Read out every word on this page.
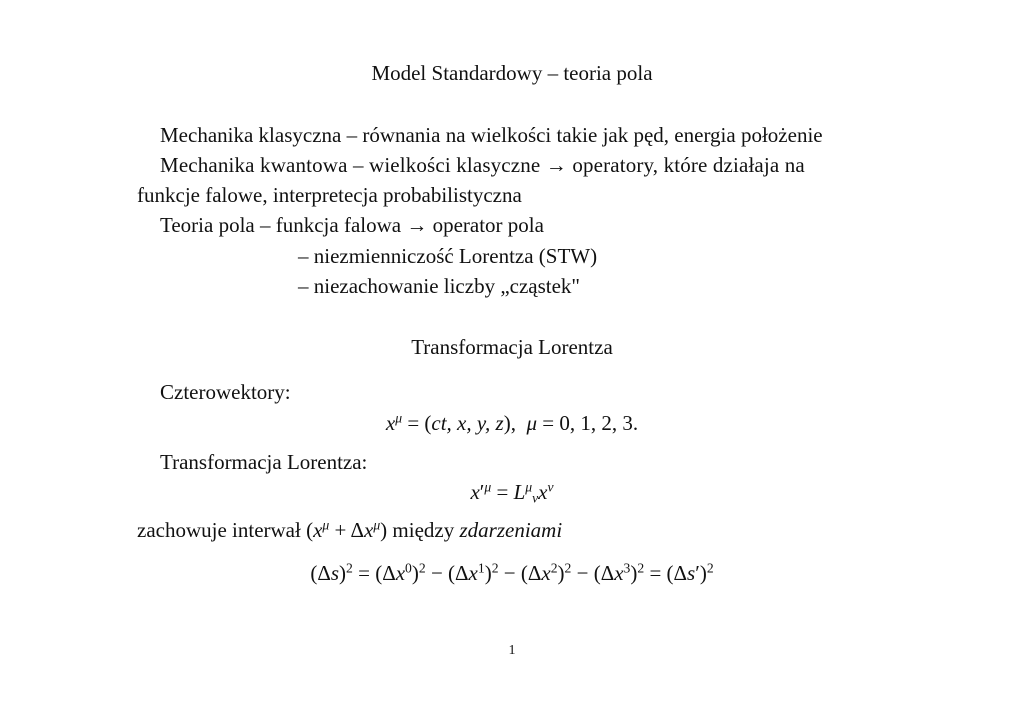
Model Standardowy – teoria pola
Mechanika klasyczna – równania na wielkości takie jak pęd, energia położenie
Mechanika kwantowa – wielkości klasyczne → operatory, które działaja na
funkcje falowe, interpretecja probabilistyczna
Teoria pola – funkcja falowa → operator pola
– niezmienniczość Lorentza (STW)
– niezachowanie liczby „cząstek"
Transformacja Lorentza
Czterowektory:
$x^\mu = (ct$, x, y, z),  μ = 0, 1, 2, 3.
Transformacja Lorentza:
$x'^\mu = L^\mu_\nu x^\nu$
zachowuje interwał $(x^\mu + \Delta x^\mu)$ między zdarzeniami
$(\Delta s)^2 = (\Delta x^0)^2 - (\Delta x^1)^2 - (\Delta x^2)^2 - (\Delta x^3)^2 = (\Delta s')^2$
1
